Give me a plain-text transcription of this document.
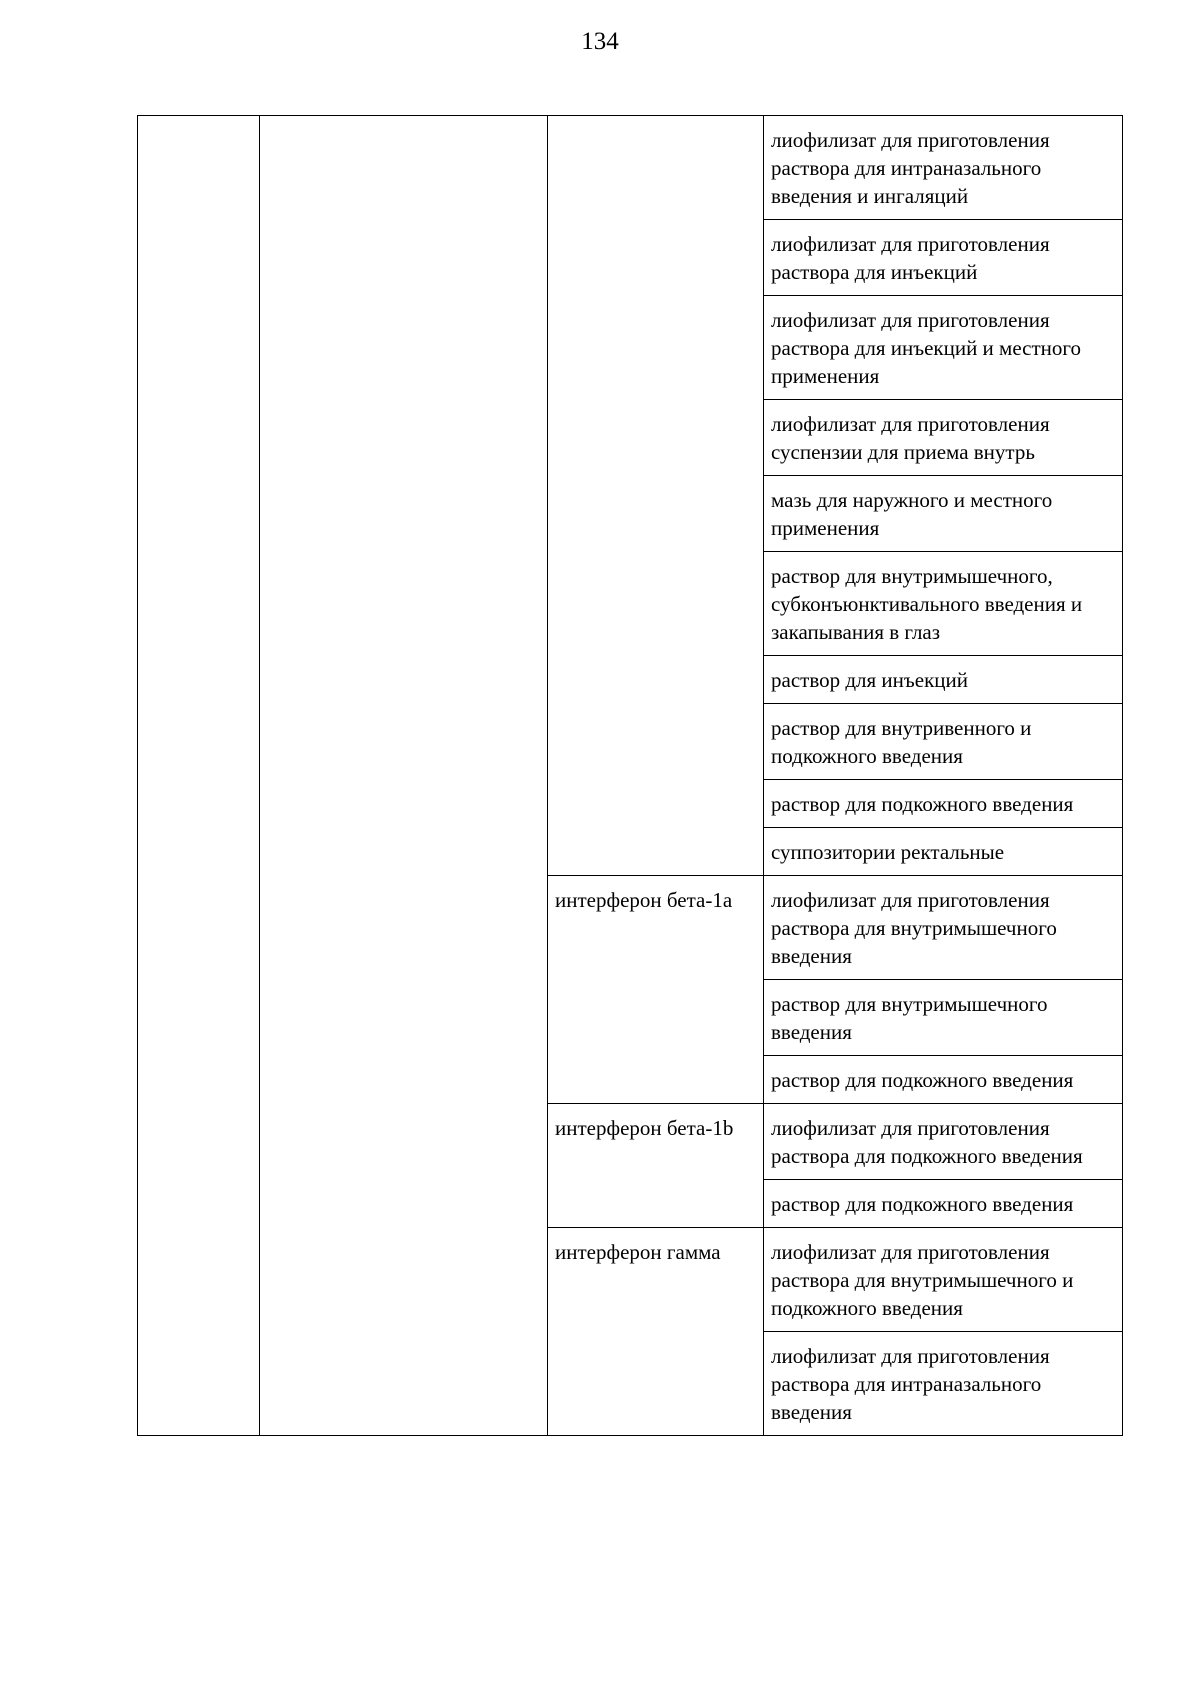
134
			лиофилизат для приготовления раствора для интраназального введения и ингаляций
			лиофилизат для приготовления раствора для инъекций
			лиофилизат для приготовления раствора для инъекций и местного применения
			лиофилизат для приготовления суспензии для приема внутрь
			мазь для наружного и местного применения
			раствор для внутримышечного, субконъюнктивального введения и закапывания в глаз
			раствор для инъекций
			раствор для внутривенного и подкожного введения
			раствор для подкожного введения
			суппозитории ректальные
		интерферон бета-1a	лиофилизат для приготовления раствора для внутримышечного введения
			раствор для внутримышечного введения
			раствор для подкожного введения
		интерферон бета-1b	лиофилизат для приготовления раствора для подкожного введения
			раствор для подкожного введения
		интерферон гамма	лиофилизат для приготовления раствора для внутримышечного и подкожного введения
			лиофилизат для приготовления раствора для интраназального введения
